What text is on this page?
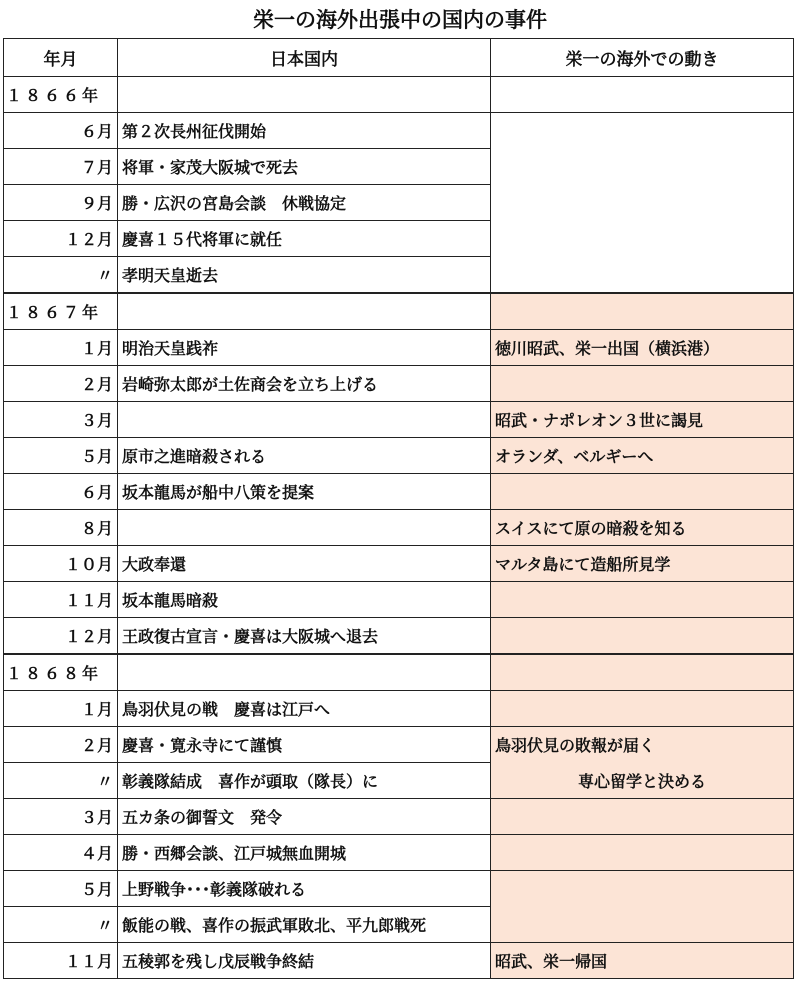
栄一の海外出張中の国内の事件
年月	日本国内	栄一の海外での動き
１８６６年		
６月	第２次長州征伐開始	
７月	将軍・家茂大阪城で死去	
９月	勝・広沢の宮島会談　休戦協定	
１２月	慶喜１５代将軍に就任	
〃	孝明天皇逝去	
１８６７年		
１月	明治天皇践祚	徳川昭武、栄一出国（横浜港）
２月	岩崎弥太郎が土佐商会を立ち上げる	
３月		昭武・ナポレオン３世に謁見
５月	原市之進暗殺される	オランダ、ベルギーへ
６月	坂本龍馬が船中八策を提案	
８月		スイスにて原の暗殺を知る
１０月	大政奉還	マルタ島にて造船所見学
１１月	坂本龍馬暗殺	
１２月	王政復古宣言・慶喜は大阪城へ退去	
１８６８年		
１月	鳥羽伏見の戦　慶喜は江戸へ	
２月	慶喜・寛永寺にて謹慎	鳥羽伏見の敗報が届く
〃	彰義隊結成　喜作が頭取（隊長）に	専心留学と決める
３月	五カ条の御誓文　発令	
４月	勝・西郷会談、江戸城無血開城	
５月	上野戦争･･･彰義隊破れる	
〃	飯能の戦、喜作の振武軍敗北、平九郎戦死	
１１月	五稜郭を残し戊辰戦争終結	昭武、栄一帰国
